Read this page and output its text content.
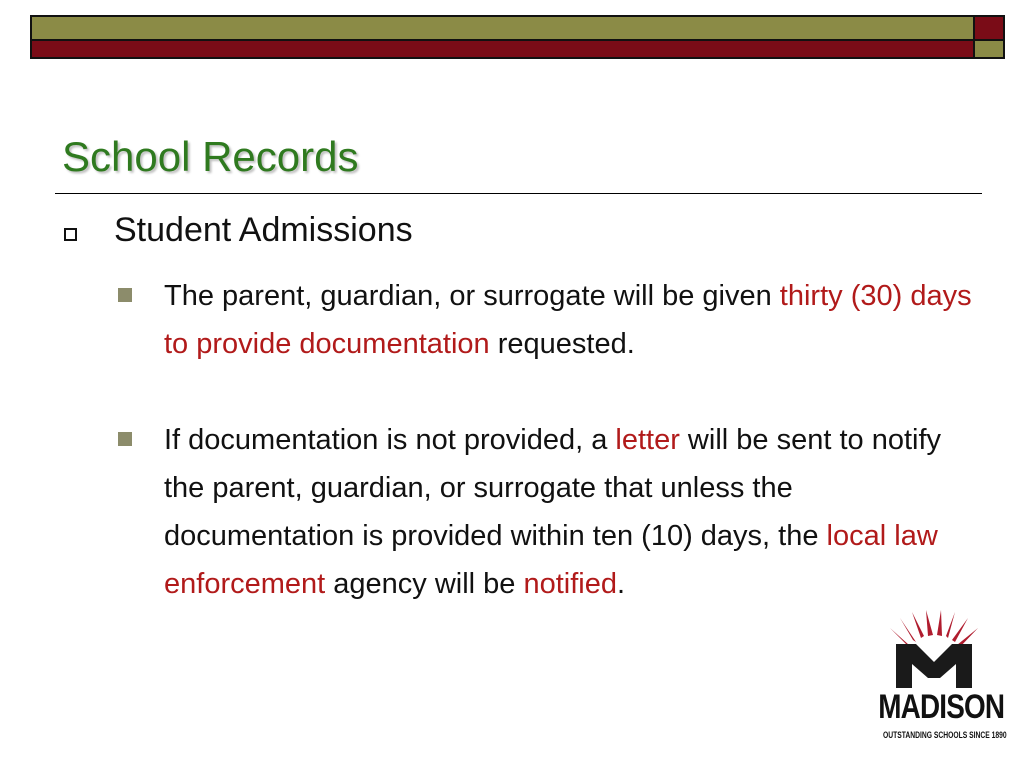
School Records
Student Admissions
The parent, guardian, or surrogate will be given thirty (30) days to provide documentation requested.
If documentation is not provided, a letter will be sent to notify the parent, guardian, or surrogate that unless the documentation is provided within ten (10) days, the local law enforcement agency will be notified.
MADISON
OUTSTANDING SCHOOLS SINCE 1890
